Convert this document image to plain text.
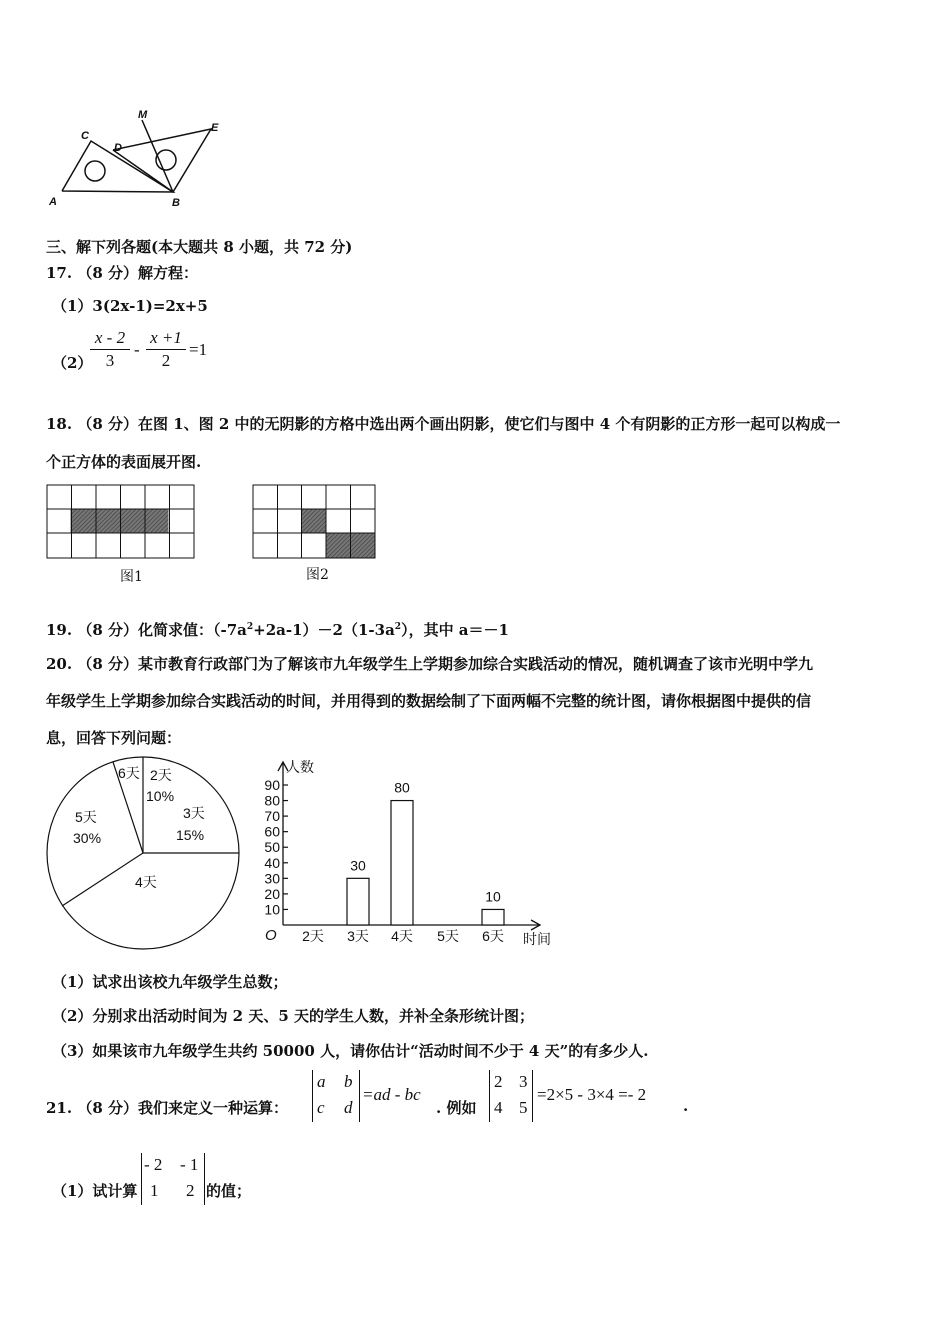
M
C
D
E
A	B
三、解下列各题(本大题共 8 小题，共 72 分)
17. （8 分）解方程：
（1）3(2x-1)=2x+5
（2）
x - 2
3
-
x +1
2
=1
18. （8 分）在图 1、图 2 中的无阴影的方格中选出两个画出阴影，使它们与图中 4 个有阴影的正方形一起可以构成一
个正方体的表面展开图.
图1	图2
19. （8 分）化简求值：$(-7a^2+2a-1)-2(1-3a^2)$，其中 a＝－1
20. （8 分）某市教育行政部门为了解该市九年级学生上学期参加综合实践活动的情况，随机调查了该市光明中学九
年级学生上学期参加综合实践活动的时间，并用得到的数据绘制了下面两幅不完整的统计图，请你根据图中提供的信
息，回答下列问题：
6天 2天
10%
3天
15%
4天
5天
30%
10
20
30
40
50
60
70
80
90
2天 3天
30
4天
80
5天 6天
10
人数
时间
O
（1）试求出该校九年级学生总数；
（2）分别求出活动时间为 2 天、5 天的学生人数，并补全条形统计图；
（3）如果该市九年级学生共约 50000 人，请你估计“活动时间不少于 4 天”的有多少人.
21. （8 分）我们来定义一种运算：
a b
c d
=ad - bc
. 例如
2 3
4 5
=2×5 - 3×4 =- 2
.
（1）试计算
- 2 - 1
1 2 的值；
